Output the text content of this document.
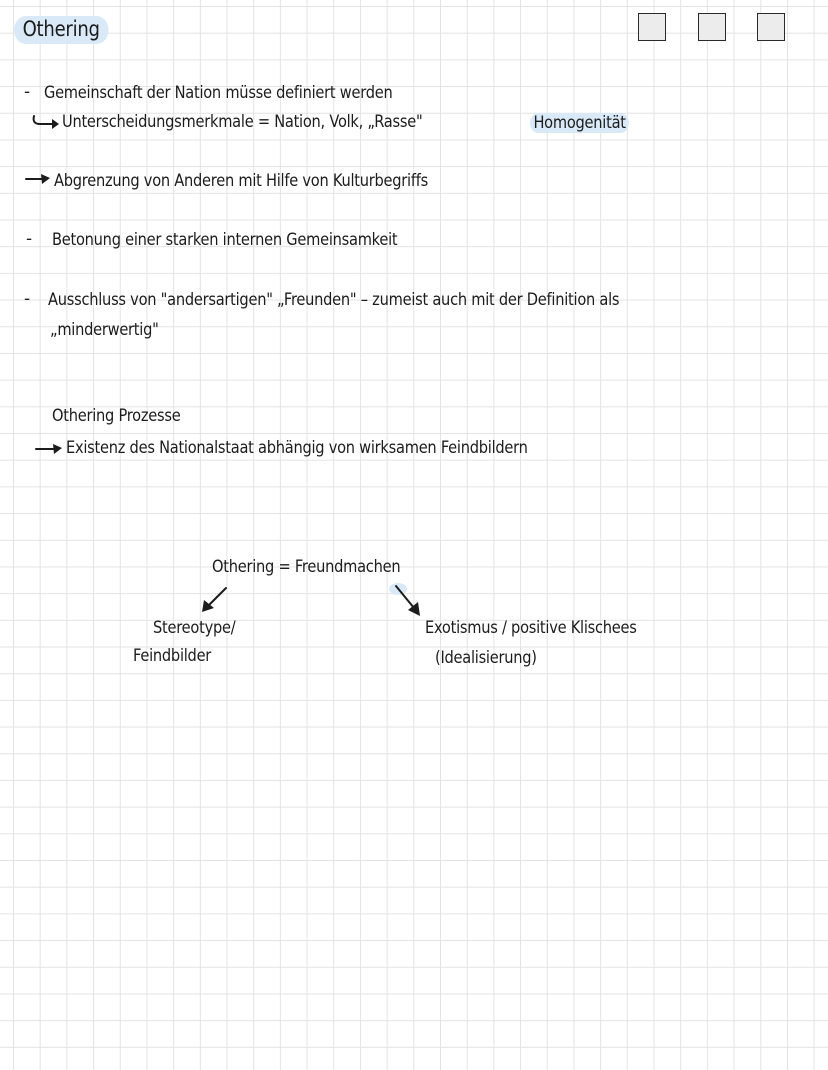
Othering
- Gemeinschaft der Nation müsse definiert werden
Unterscheidungsmerkmale = Nation, Volk, „Rasse"	Homogenität
Abgrenzung von Anderen mit Hilfe von Kulturbegriffs
- Betonung einer starken internen Gemeinsamkeit
- Ausschluss von "andersartigen" „Freunden" – zumeist auch mit der Definition als
„minderwertig"
Othering Prozesse
Existenz des Nationalstaat abhängig von wirksamen Feindbildern
Othering = Freundmachen
Stereotype/
Feindbilder
Exotismus / positive Klischees
(Idealisierung)
